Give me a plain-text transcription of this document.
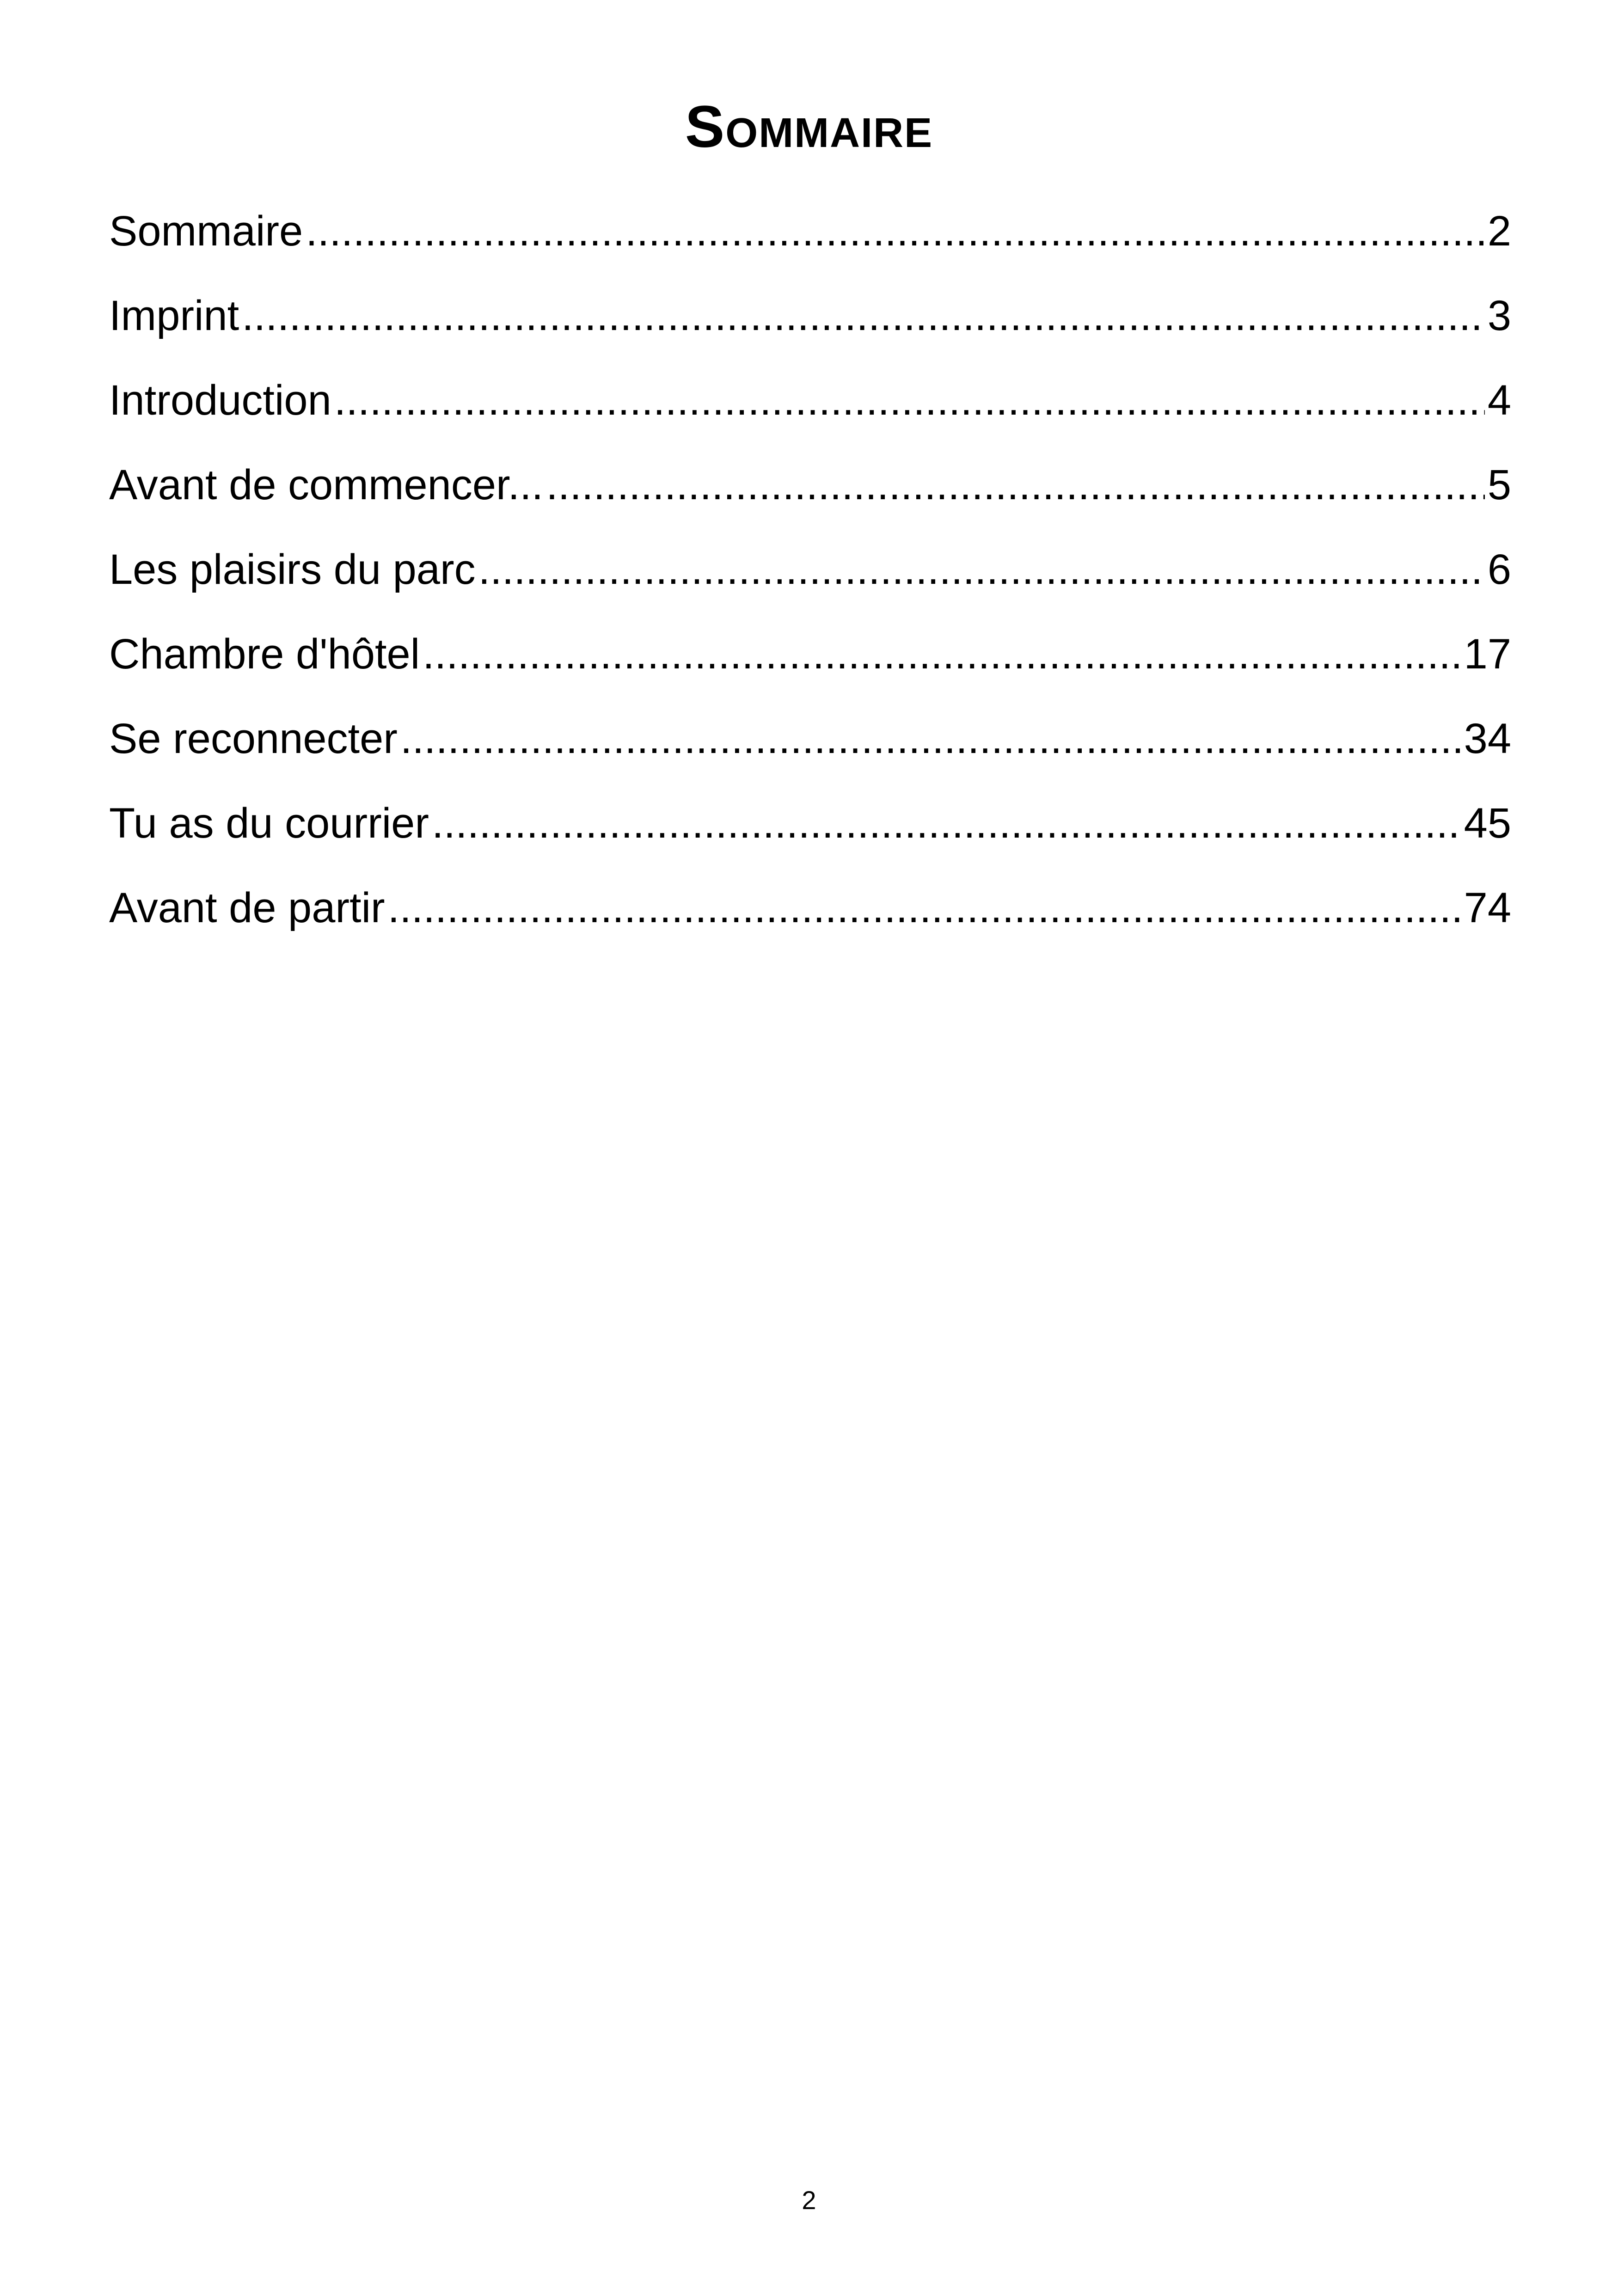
Sommaire
Sommaire .....	2
Imprint .....	3
Introduction .....	4
Avant de commencer... .....	5
Les plaisirs du parc .....	6
Chambre d'hôtel .....	17
Se reconnecter .....	34
Tu as du courrier .....	45
Avant de partir .....	74
2
